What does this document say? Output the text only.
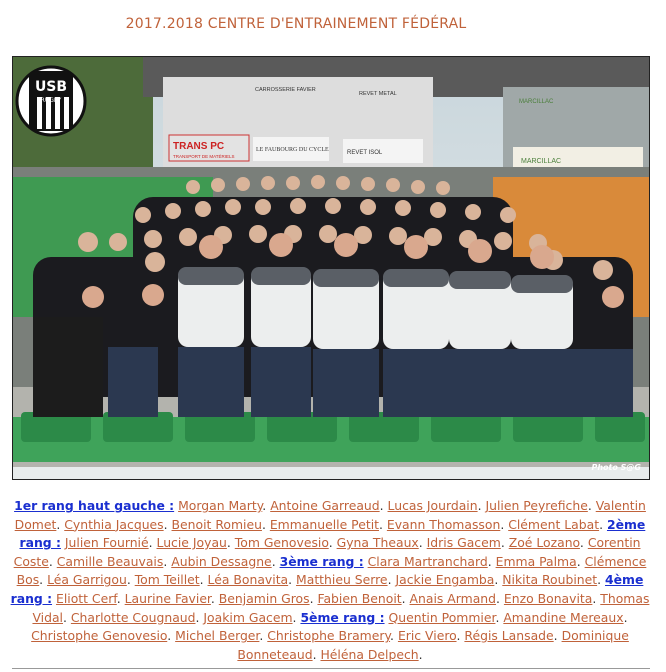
2017.2018 CENTRE D'ENTRAINEMENT FÉDÉRAL
TRANS PC
TRANSPORT DE MATÉRIELS
CARROSSERIE FAVIER
LE FAUBOURG DU CYCLE	REVET ISOL
REVET METAL
MARCILLAC
MARCILLAC
USB
RUGBY
Photo S@G
1er rang haut gauche : Morgan Marty. Antoine Garreaud. Lucas Jourdain. Julien Peyrefiche. Valentin Domet. Cynthia Jacques. Benoit Romieu. Emmanuelle Petit. Evann Thomasson. Clément Labat. 2ème rang : Julien Fournié. Lucie Joyau. Tom Genovesio. Gyna Theaux. Idris Gacem. Zoé Lozano. Corentin Coste. Camille Beauvais. Aubin Dessagne. 3ème rang : Clara Martranchard. Emma Palma. Clémence Bos. Léa Garrigou. Tom Teillet. Léa Bonavita. Matthieu Serre. Jackie Engamba. Nikita Roubinet. 4ème rang : Eliott Cerf. Laurine Favier. Benjamin Gros. Fabien Benoit. Anais Armand. Enzo Bonavita. Thomas Vidal. Charlotte Cougnaud. Joakim Gacem. 5ème rang : Quentin Pommier. Amandine Mereaux. Christophe Genovesio. Michel Berger. Christophe Bramery. Eric Viero. Régis Lansade. Dominique Bonneteaud. Héléna Delpech.
